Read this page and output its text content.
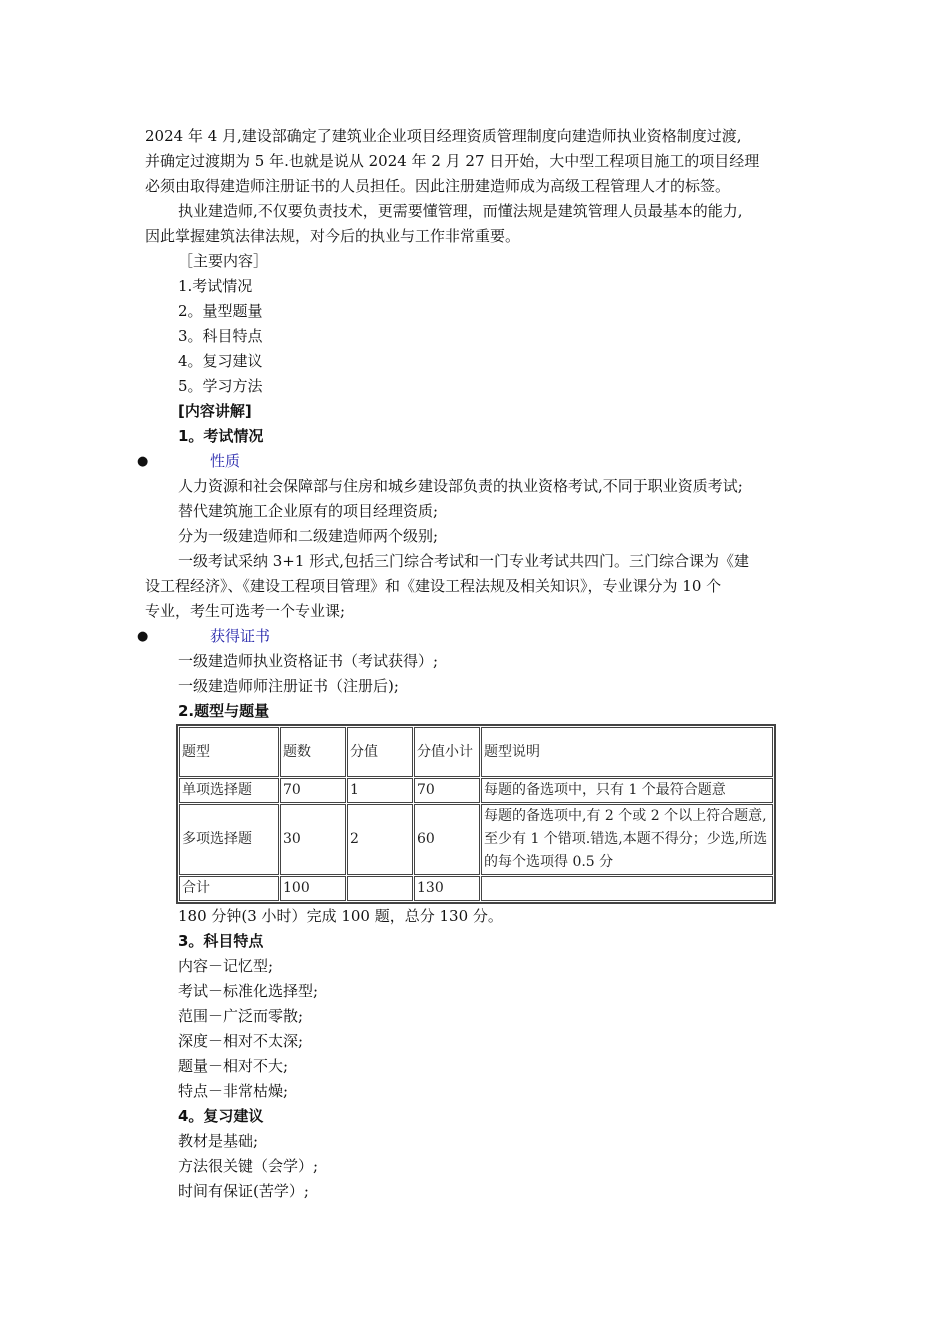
2024 年 4 月,建设部确定了建筑业企业项目经理资质管理制度向建造师执业资格制度过渡,

并确定过渡期为 5 年.也就是说从 2024 年 2 月 27 日开始，大中型工程项目施工的项目经理

必须由取得建造师注册证书的人员担任。因此注册建造师成为高级工程管理人才的标签。

执业建造师,不仅要负责技术，更需要懂管理，而懂法规是建筑管理人员最基本的能力,

因此掌握建筑法律法规，对今后的执业与工作非常重要。

［主要内容］

1.考试情况

2。量型题量

3。科目特点

4。复习建议

5。学习方法

[内容讲解]

1。考试情况

●	性质

人力资源和社会保障部与住房和城乡建设部负责的执业资格考试,不同于职业资质考试;

替代建筑施工企业原有的项目经理资质;

分为一级建造师和二级建造师两个级别;

一级考试采纳 3+1 形式,包括三门综合考试和一门专业考试共四门。三门综合课为《建

设工程经济》、《建设工程项目管理》和《建设工程法规及相关知识》，专业课分为 10 个

专业，考生可选考一个专业课;

●	获得证书

一级建造师执业资格证书（考试获得）;

一级建造师师注册证书（注册后);

2.题型与题量

题型	题数	分值	分值小计	题型说明
单项选择题	70	1	70	每题的备选项中，只有 1 个最符合题意
多项选择题	30	2	60	每题的备选项中,有 2 个或 2 个以上符合题意,至少有 1 个错项.错选,本题不得分；少选,所选的每个选项得 0.5 分
合计	100		130	

180 分钟(3 小时）完成 100 题，总分 130 分。

3。科目特点

内容－记忆型;

考试－标准化选择型;

范围－广泛而零散;

深度－相对不太深;

题量－相对不大;

特点－非常枯燥;

4。复习建议

教材是基础;

方法很关键（会学）;

时间有保证(苦学）;
